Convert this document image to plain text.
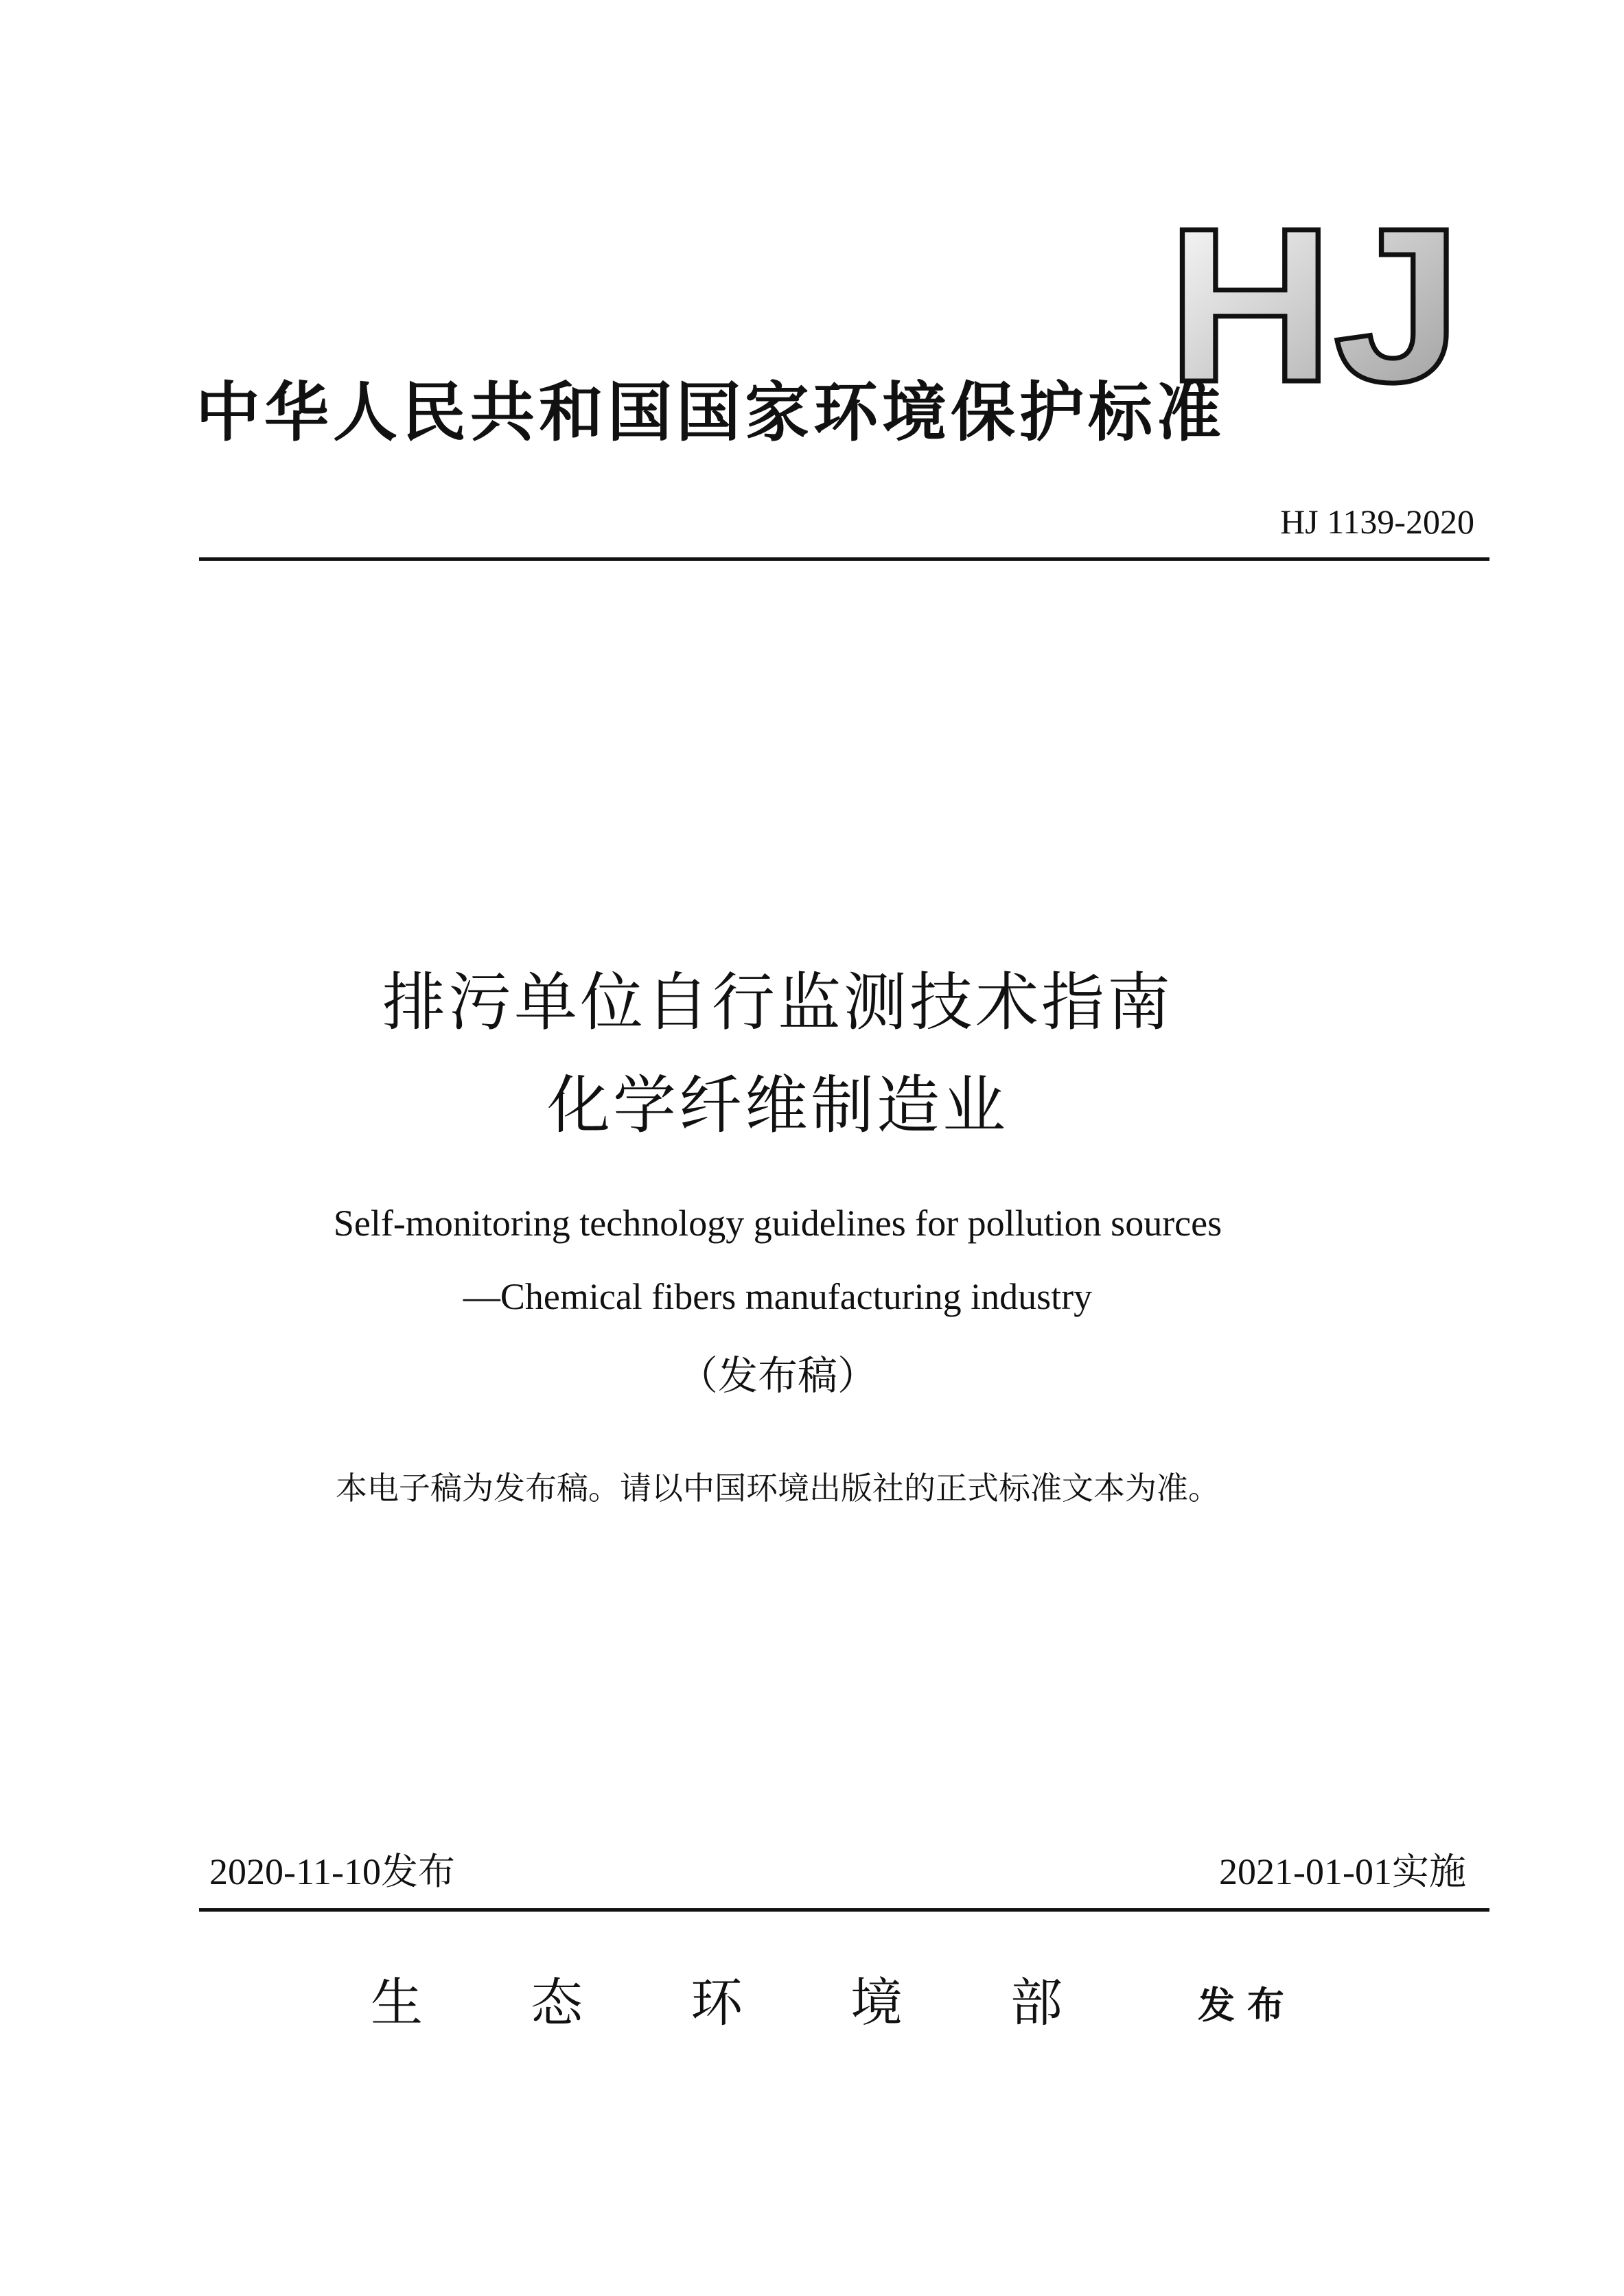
HJ
中华人民共和国国家环境保护标准
HJ 1139-2020
排污单位自行监测技术指南
化学纤维制造业
Self-monitoring technology guidelines for pollution sources
—Chemical fibers manufacturing industry
（发布稿）
本电子稿为发布稿。请以中国环境出版社的正式标准文本为准。
2020-11-10发布	2021-01-01实施
生 态 环 境 部	发布
